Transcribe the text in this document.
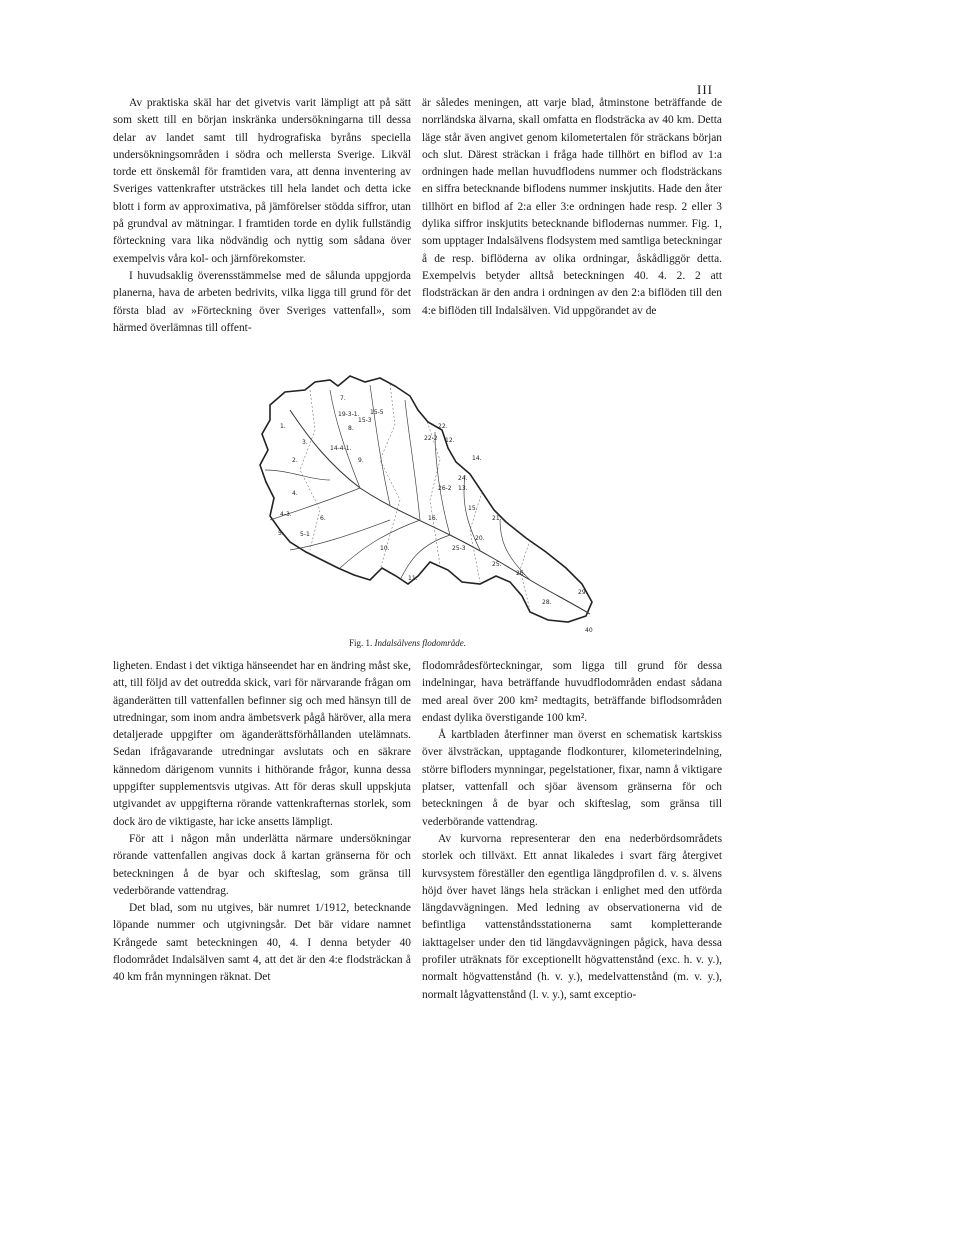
III

Av praktiska skäl har det givetvis varit lämpligt att på sätt som skett till en början inskränka undersökningarna till dessa delar av landet samt till hydrografiska byråns speciella undersökningsområden i södra och mellersta Sverige. Likväl torde ett önskemål för framtiden vara, att denna inventering av Sveriges vattenkrafter utsträckes till hela landet och detta icke blott i form av approximativa, på jämförelser stödda siffror, utan på grundval av mätningar. I framtiden torde en dylik fullständig förteckning vara lika nödvändig och nyttig som sådana över exempelvis våra kol- och järnförekomster.

I huvudsaklig överensstämmelse med de sålunda uppgjorda planerna, hava de arbeten bedrivits, vilka ligga till grund för det första blad av »Förteckning över Sveriges vattenfall», som härmed överlämnas till offent-

är således meningen, att varje blad, åtminstone beträffande de norrländska älvarna, skall omfatta en flodsträcka av 40 km. Detta läge står även angivet genom kilometertalen för sträckans början och slut. Därest sträckan i fråga hade tillhört en biflod av 1:a ordningen hade mellan huvudflodens nummer och flodsträckans en siffra betecknande biflodens nummer inskjutits. Hade den åter tillhört en biflod af 2:a eller 3:e ordningen hade resp. 2 eller 3 dylika siffror inskjutits betecknande biflodernas nummer. Fig. 1, som upptager Indalsälvens flodsystem med samtliga beteckningar å de resp. biflöderna av olika ordningar, åskådliggör detta. Exempelvis betyder alltså beteckningen 40. 4. 2. 2 att flodsträckan är den andra i ordningen av den 2:a biflöden till den 4:e biflöden till Indalsälven. Vid uppgörandet av de

1.
2.
3.
4.
5.
6.
7.
8.
9.
10.
11.
12.
13.
14.
15.
16.
20.
21.
22.
24.
25.
26.
28.
29.
40
15-5
15-3
19-3-1.
14-4-1.
22-2
5-1
4-3.
25-3
26-2
Fig. 1. Indalsälvens flodområde.

ligheten. Endast i det viktiga hänseendet har en ändring måst ske, att, till följd av det outredda skick, vari för närvarande frågan om äganderätten till vattenfallen befinner sig och med hänsyn till de utredningar, som inom andra ämbetsverk pågå häröver, alla mera detaljerade uppgifter om äganderättsförhållanden utelämnats. Sedan ifrågavarande utredningar avslutats och en säkrare kännedom därigenom vunnits i hithörande frågor, kunna dessa uppgifter supplementsvis utgivas. Att för deras skull uppskjuta utgivandet av uppgifterna rörande vattenkrafternas storlek, som dock äro de viktigaste, har icke ansetts lämpligt.

För att i någon mån underlätta närmare undersökningar rörande vattenfallen angivas dock å kartan gränserna för och beteckningen å de byar och skifteslag, som gränsa till vederbörande vattendrag.

Det blad, som nu utgives, bär numret 1/1912, betecknande löpande nummer och utgivningsår. Det bär vidare namnet Krångede samt beteckningen 40, 4. I denna betyder 40 flodområdet Indalsälven samt 4, att det är den 4:e flodsträckan å 40 km från mynningen räknat. Det

flodområdesförteckningar, som ligga till grund för dessa indelningar, hava beträffande huvudflodområden endast sådana med areal över 200 km² medtagits, beträffande biflodsområden endast dylika överstigande 100 km².

Å kartbladen återfinner man överst en schematisk kartskiss över älvsträckan, upptagande flodkonturer, kilometerindelning, större bifloders mynningar, pegelstationer, fixar, namn å viktigare platser, vattenfall och sjöar ävensom gränserna för och beteckningen å de byar och skifteslag, som gränsa till vederbörande vattendrag.

Av kurvorna representerar den ena nederbördsområdets storlek och tillväxt. Ett annat likaledes i svart färg återgivet kurvsystem föreställer den egentliga längdprofilen d. v. s. älvens höjd över havet längs hela sträckan i enlighet med den utförda längdavvägningen. Med ledning av observationerna vid de befintliga vattenståndsstationerna samt kompletterande iakttagelser under den tid längdavvägningen pågick, hava dessa profiler uträknats för exceptionellt högvattenstånd (exc. h. v. y.), normalt högvattenstånd (h. v. y.), medelvattenstånd (m. v. y.), normalt lågvattenstånd (l. v. y.), samt exceptio-
